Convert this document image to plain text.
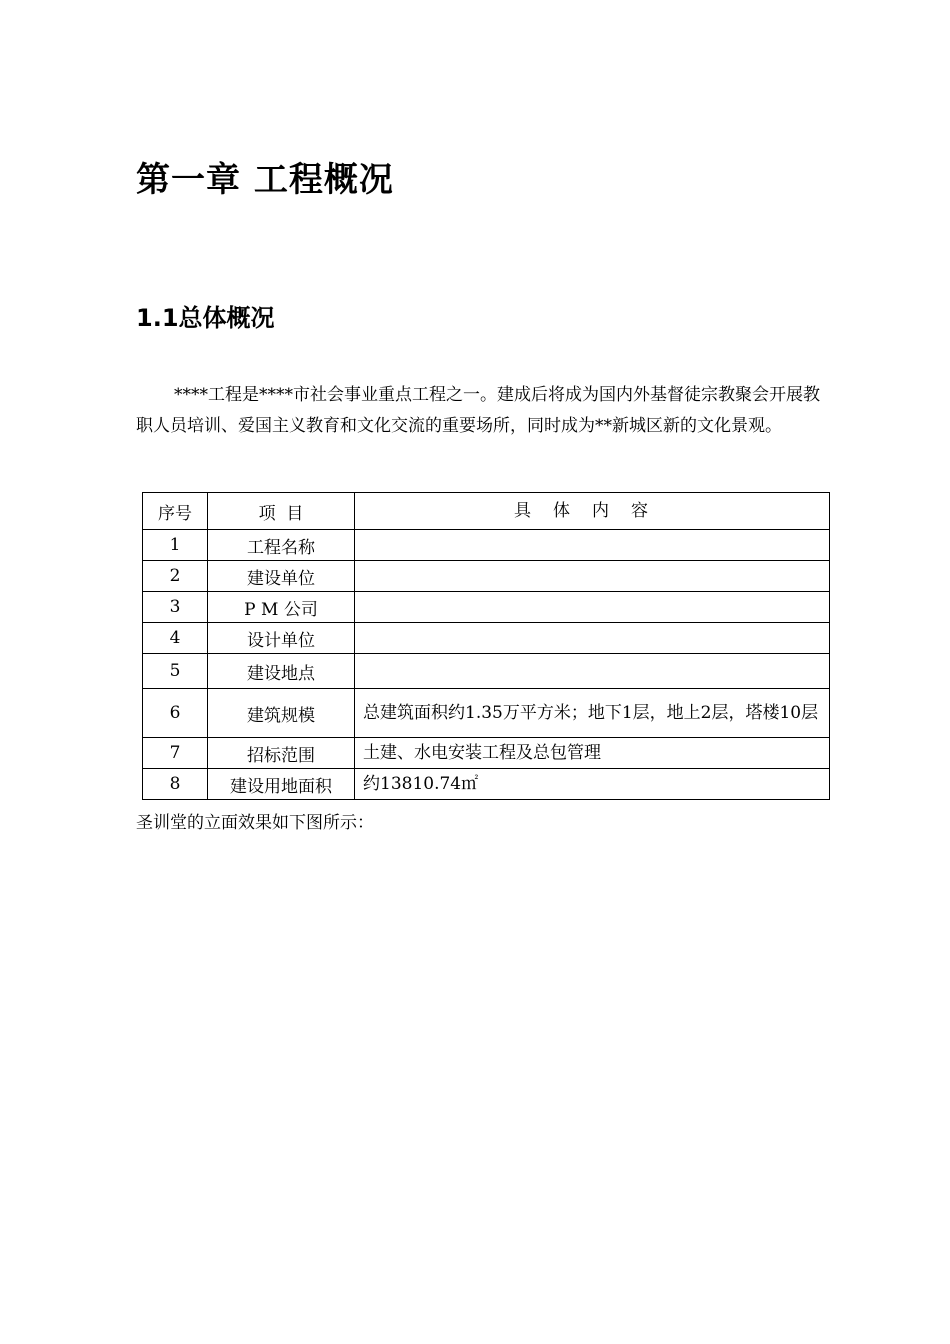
第一章 工程概况
1.1总体概况

****工程是****市社会事业重点工程之一。建成后将成为国内外基督徒宗教聚会开展教职人员培训、爱国主义教育和文化交流的重要场所，同时成为**新城区新的文化景观。

序号	项  目	具体内容
1	工程名称	
2	建设单位	
3	P M 公司	
4	设计单位	
5	建设地点	
6	建筑规模	总建筑面积约1.35万平方米；地下1层，地上2层，塔楼10层
7	招标范围	土建、水电安装工程及总包管理
8	建设用地面积	约13810.74㎡

圣训堂的立面效果如下图所示：
